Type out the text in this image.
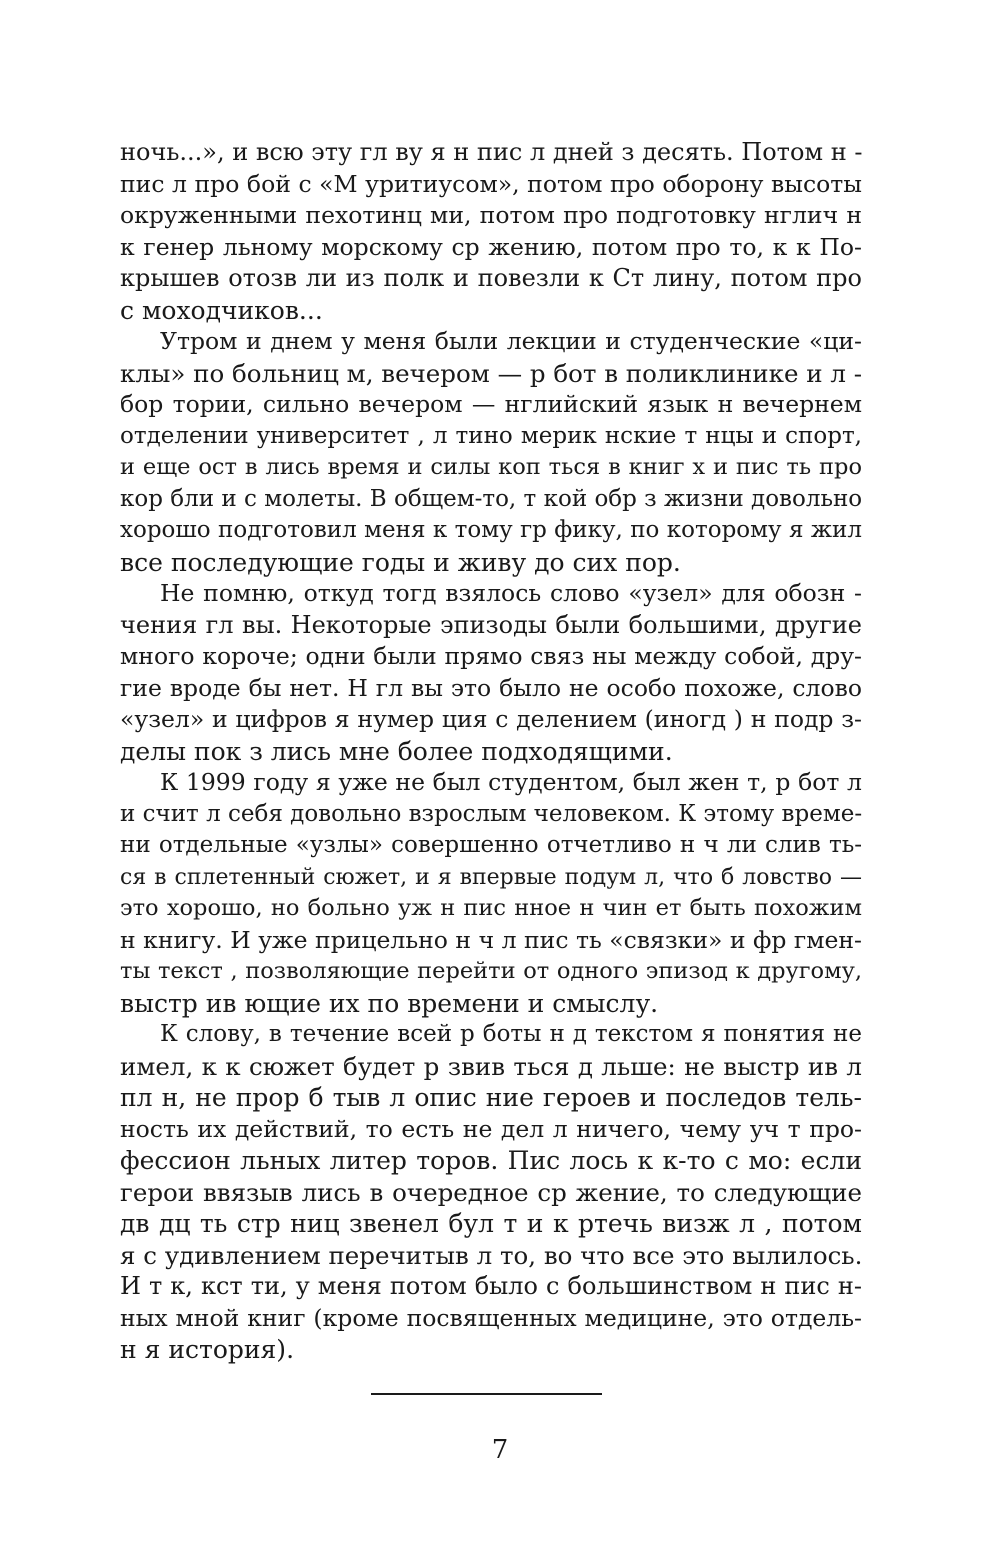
ночь...», и всю эту гл ву я н пис л дней з десять. Потом н -
пис л про бой с «М уритиусом», потом про оборону высоты
окруженными пехотинц ми, потом про подготовку нглич н
к генер льному морскому ср жению, потом про то, к к По-
крышев отозв ли из полк и повезли к Ст лину, потом про
с моходчиков...
Утром и днем у меня были лекции и студенческие «ци-
клы» по больниц м, вечером — р бот в поликлинике и л -
бор тории, сильно вечером — нглийский язык н вечернем
отделении университет , л тино мерик нские т нцы и спорт,
и еще ост в лись время и силы коп ться в книг х и пис ть про
кор бли и с молеты. В общем-то, т кой обр з жизни довольно
хорошо подготовил меня к тому гр фику, по которому я жил
все последующие годы и живу до сих пор.
Не помню, откуд тогд взялось слово «узел» для обозн -
чения гл вы. Некоторые эпизоды были большими, другие
много короче; одни были прямо связ ны между собой, дру-
гие вроде бы нет. Н гл вы это было не особо похоже, слово
«узел» и цифров я нумер ция с делением (иногд ) н подр з-
делы пок з лись мне более подходящими.
К 1999 году я уже не был студентом, был жен т, р бот л
и счит л себя довольно взрослым человеком. К этому време-
ни отдельные «узлы» совершенно отчетливо н ч ли слив ть-
ся в сплетенный сюжет, и я впервые подум л, что б ловство —
это хорошо, но больно уж н пис нное н чин ет быть похожим
н книгу. И уже прицельно н ч л пис ть «связки» и фр гмен-
ты текст , позволяющие перейти от одного эпизод к другому,
выстр ив ющие их по времени и смыслу.
К слову, в течение всей р боты н д текстом я понятия не
имел, к к сюжет будет р звив ться д льше: не выстр ив л
пл н, не прор б тыв л опис ние героев и последов тель-
ность их действий, то есть не дел л ничего, чему уч т про-
фессион льных литер торов. Пис лось к к-то с мо: если
герои ввязыв лись в очередное ср жение, то следующие
дв дц ть стр ниц звенел бул т и к ртечь визж л , потом
я с удивлением перечитыв л то, во что все это вылилось.
И т к, кст ти, у меня потом было с большинством н пис н-
ных мной книг (кроме посвященных медицине, это отдель-
н я история).
7
